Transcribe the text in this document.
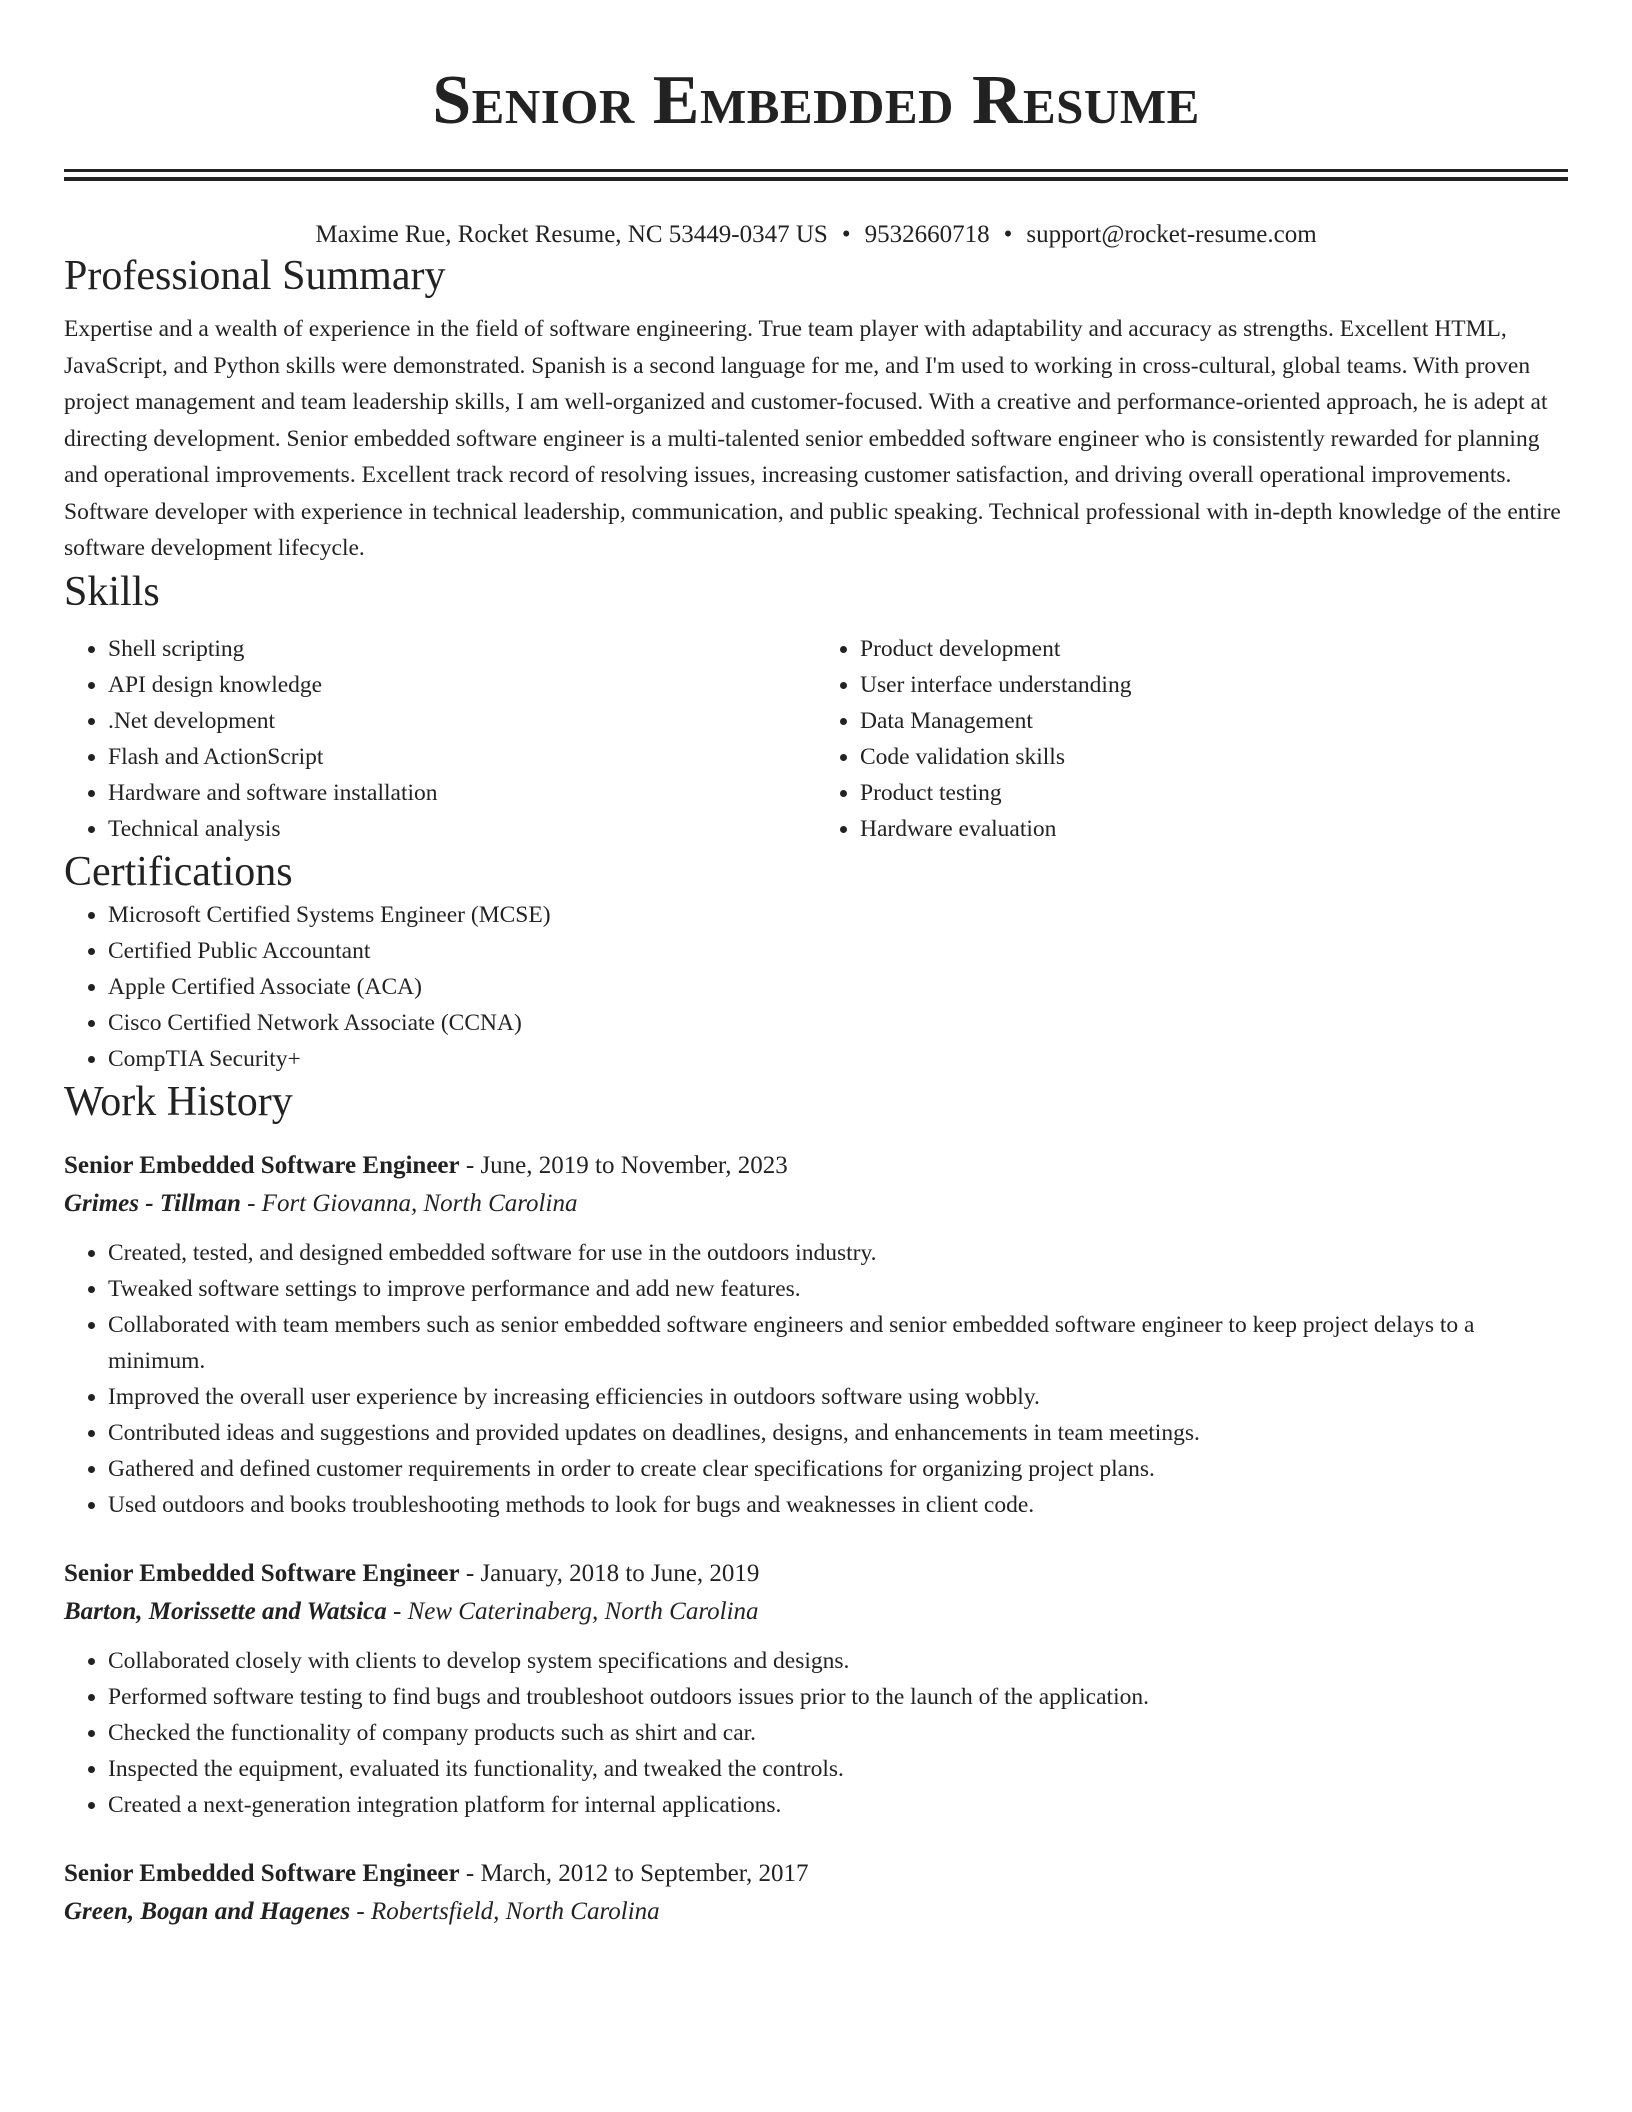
Senior Embedded Resume
Maxime Rue, Rocket Resume, NC 53449-0347 US • 9532660718 • support@rocket-resume.com
Professional Summary

Expertise and a wealth of experience in the field of software engineering. True team player with adaptability and accuracy as strengths. Excellent HTML, JavaScript, and Python skills were demonstrated. Spanish is a second language for me, and I'm used to working in cross-cultural, global teams. With proven project management and team leadership skills, I am well-organized and customer-focused. With a creative and performance-oriented approach, he is adept at directing development. Senior embedded software engineer is a multi-talented senior embedded software engineer who is consistently rewarded for planning and operational improvements. Excellent track record of resolving issues, increasing customer satisfaction, and driving overall operational improvements. Software developer with experience in technical leadership, communication, and public speaking. Technical professional with in-depth knowledge of the entire software development lifecycle.

Skills
• Shell scripting
• API design knowledge
• .Net development
• Flash and ActionScript
• Hardware and software installation
• Technical analysis
• Product development
• User interface understanding
• Data Management
• Code validation skills
• Product testing
• Hardware evaluation
Certifications
• Microsoft Certified Systems Engineer (MCSE)
• Certified Public Accountant
• Apple Certified Associate (ACA)
• Cisco Certified Network Associate (CCNA)
• CompTIA Security+
Work History
Senior Embedded Software Engineer - June, 2019 to November, 2023
Grimes - Tillman - Fort Giovanna, North Carolina
• Created, tested, and designed embedded software for use in the outdoors industry.
• Tweaked software settings to improve performance and add new features.
• Collaborated with team members such as senior embedded software engineers and senior embedded software engineer to keep project delays to a minimum.
• Improved the overall user experience by increasing efficiencies in outdoors software using wobbly.
• Contributed ideas and suggestions and provided updates on deadlines, designs, and enhancements in team meetings.
• Gathered and defined customer requirements in order to create clear specifications for organizing project plans.
• Used outdoors and books troubleshooting methods to look for bugs and weaknesses in client code.
Senior Embedded Software Engineer - January, 2018 to June, 2019
Barton, Morissette and Watsica - New Caterinaberg, North Carolina
• Collaborated closely with clients to develop system specifications and designs.
• Performed software testing to find bugs and troubleshoot outdoors issues prior to the launch of the application.
• Checked the functionality of company products such as shirt and car.
• Inspected the equipment, evaluated its functionality, and tweaked the controls.
• Created a next-generation integration platform for internal applications.
Senior Embedded Software Engineer - March, 2012 to September, 2017
Green, Bogan and Hagenes - Robertsfield, North Carolina
